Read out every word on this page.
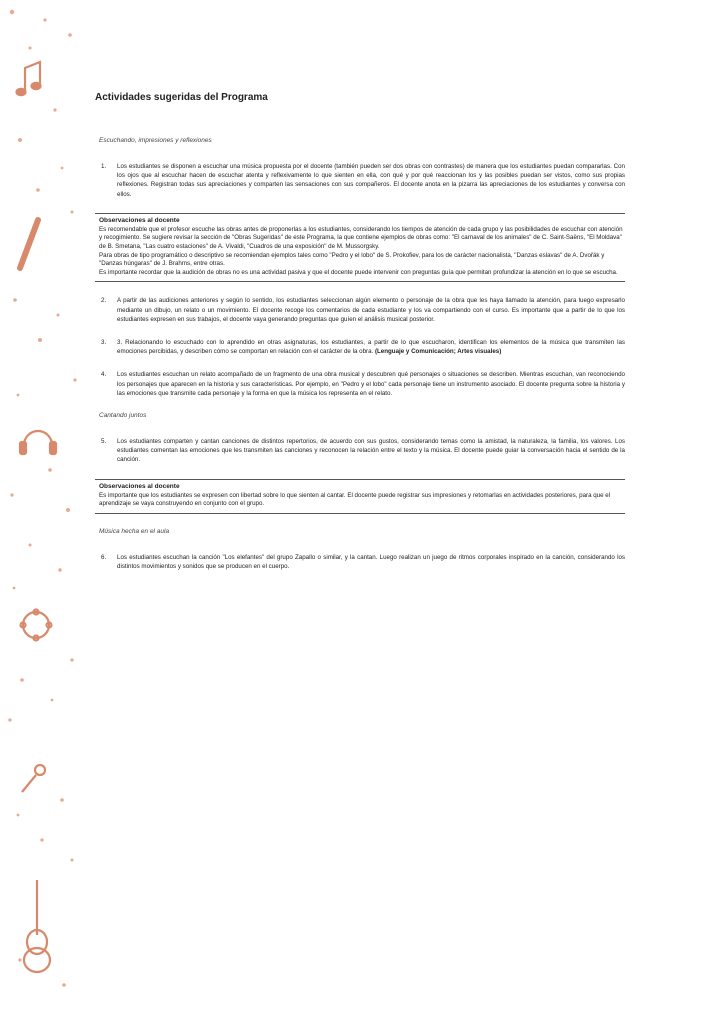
Actividades sugeridas del Programa
Escuchando, impresiones y reflexiones
1.	Los estudiantes se disponen a escuchar una música propuesta por el docente (también pueden ser dos obras con contrastes) de manera que los estudiantes puedan compararlas. Con los ojos que al escuchar hacen de escuchar atenta y reflexivamente lo que sienten en ella, con qué y por qué reaccionan los y las posibles puedan ser vistos, como sus propias reflexiones. Registran todas sus apreciaciones y comparten las sensaciones con sus compañeros. El docente anota en la pizarra las apreciaciones de los estudiantes y conversa con ellos.
Observaciones al docente

Es recomendable que el profesor escuche las obras antes de proponerlas a los estudiantes, considerando los tiempos de atención de cada grupo y las posibilidades de escuchar con atención y recogimiento. Se sugiere revisar la sección de "Obras Sugeridas" de este Programa, la que contiene ejemplos de obras como: "El carnaval de los animales" de C. Saint-Saëns, "El Moldava" de B. Smetana, "Las cuatro estaciones" de A. Vivaldi, "Cuadros de una exposición" de M. Mussorgsky.

Para obras de tipo programático o descriptivo se recomiendan ejemplos tales como "Pedro y el lobo" de S. Prokofiev, para los de carácter nacionalista, "Danzas eslavas" de A. Dvořák y "Danzas húngaras" de J. Brahms, entre otras.

Es importante recordar que la audición de obras no es una actividad pasiva y que el docente puede intervenir con preguntas guía que permitan profundizar la atención en lo que se escucha.

2.	A partir de las audiciones anteriores y según lo sentido, los estudiantes seleccionan algún elemento o personaje de la obra que les haya llamado la atención, para luego expresarlo mediante un dibujo, un relato o un movimiento. El docente recoge los comentarios de cada estudiante y los va compartiendo con el curso. Es importante que a partir de lo que los estudiantes expresen en sus trabajos, el docente vaya generando preguntas que guíen el análisis musical posterior.
3.	3. Relacionando lo escuchado con lo aprendido en otras asignaturas, los estudiantes, a partir de lo que escucharon, identifican los elementos de la música que transmiten las emociones percibidas, y describen cómo se comportan en relación con el carácter de la obra. (Lenguaje y Comunicación; Artes visuales)
4.	Los estudiantes escuchan un relato acompañado de un fragmento de una obra musical y descubren qué personajes o situaciones se describen. Mientras escuchan, van reconociendo los personajes que aparecen en la historia y sus características. Por ejemplo, en "Pedro y el lobo" cada personaje tiene un instrumento asociado. El docente pregunta sobre la historia y las emociones que transmite cada personaje y la forma en que la música los representa en el relato.
Cantando juntos
5.	Los estudiantes comparten y cantan canciones de distintos repertorios, de acuerdo con sus gustos, considerando temas como la amistad, la naturaleza, la familia, los valores. Los estudiantes comentan las emociones que les transmiten las canciones y reconocen la relación entre el texto y la música. El docente puede guiar la conversación hacia el sentido de la canción.
Observaciones al docente

Es importante que los estudiantes se expresen con libertad sobre lo que sienten al cantar. El docente puede registrar sus impresiones y retomarlas en actividades posteriores, para que el aprendizaje se vaya construyendo en conjunto con el grupo.

Música hecha en el aula
6.	Los estudiantes escuchan la canción "Los elefantes" del grupo Zapallo o similar, y la cantan. Luego realizan un juego de ritmos corporales inspirado en la canción, considerando los distintos movimientos y sonidos que se producen en el cuerpo.
